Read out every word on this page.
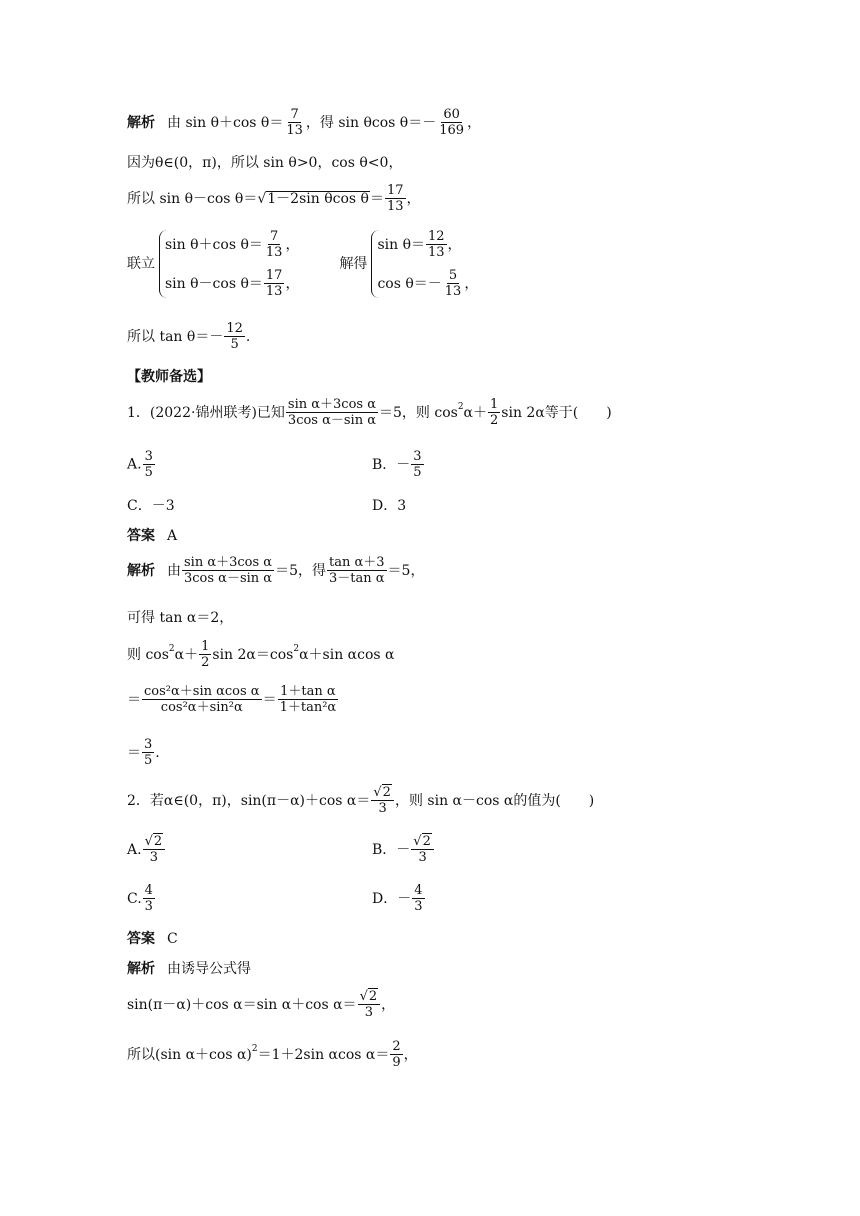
解析 由 sin θ＋cos $\theta= \frac{7}{13}$ ，得 sin θcos $\theta=- \frac{60}{169}$ ，
因为θ∈(0，π)，所以 sin θ>0，cos θ<0，
所以 sin θ－cos θ＝ √ 1－2sin θcos $\theta = \frac{17}{13}$ ，
联立
sin θ＋cos $\theta= \frac{7}{13}$ ，
sin θ－cos $\theta= \frac{17}{13}$ ，
解得
$\sin \theta= \frac{12}{13}$ ，
$\cos \theta=- \frac{5}{13}$ ，
所以 $\tan \theta=- \frac{12}{5}$ .
【教师备选】
1．(2022·锦州联考)已知 $\frac{\text{sin α＋3cos α}}{\text{3cos α－sin α}} =5$，则 cos 2 $\alpha+ \frac{1}{2}$ sin 2α等于(　　)
A. $\frac{3}{5}$	B．－ $\frac{3}{5}$
C．－3	D．3
答案 A
解析 由 $\frac{\text{sin α＋3cos α}}{\text{3cos α－sin α}} =5$，得 $\frac{\text{tan α＋3}}{\text{3－tan α}} =5$，
可得 tan α＝2，
则 cos 2 $\alpha+ \frac{1}{2}$ sin 2α＝cos 2 α＋sin αcos α
＝ $\frac{\text{cos²α＋sin αcos α}}{\text{cos²α＋sin²α}} = \frac{\text{1＋tan α}}{\text{1＋tan²α}}$
＝ $\frac{3}{5}$ .
2．若α∈(0，π)，sin(π－α)＋cos $\alpha= \frac{√2}{3}$ ，则 sin α－cos α的值为(　　)
A. $\frac{√2}{3}$	B．－ $\frac{√2}{3}$
C. $\frac{4}{3}$	D．－ $\frac{4}{3}$
答案 C
解析 由诱导公式得
sin(π－α)＋cos α＝sin α＋cos $\alpha= \frac{√2}{3}$ ，
所以(sin α＋cos α) 2 ＝1＋2sin αcos $\alpha= \frac{2}{9}$ ，
